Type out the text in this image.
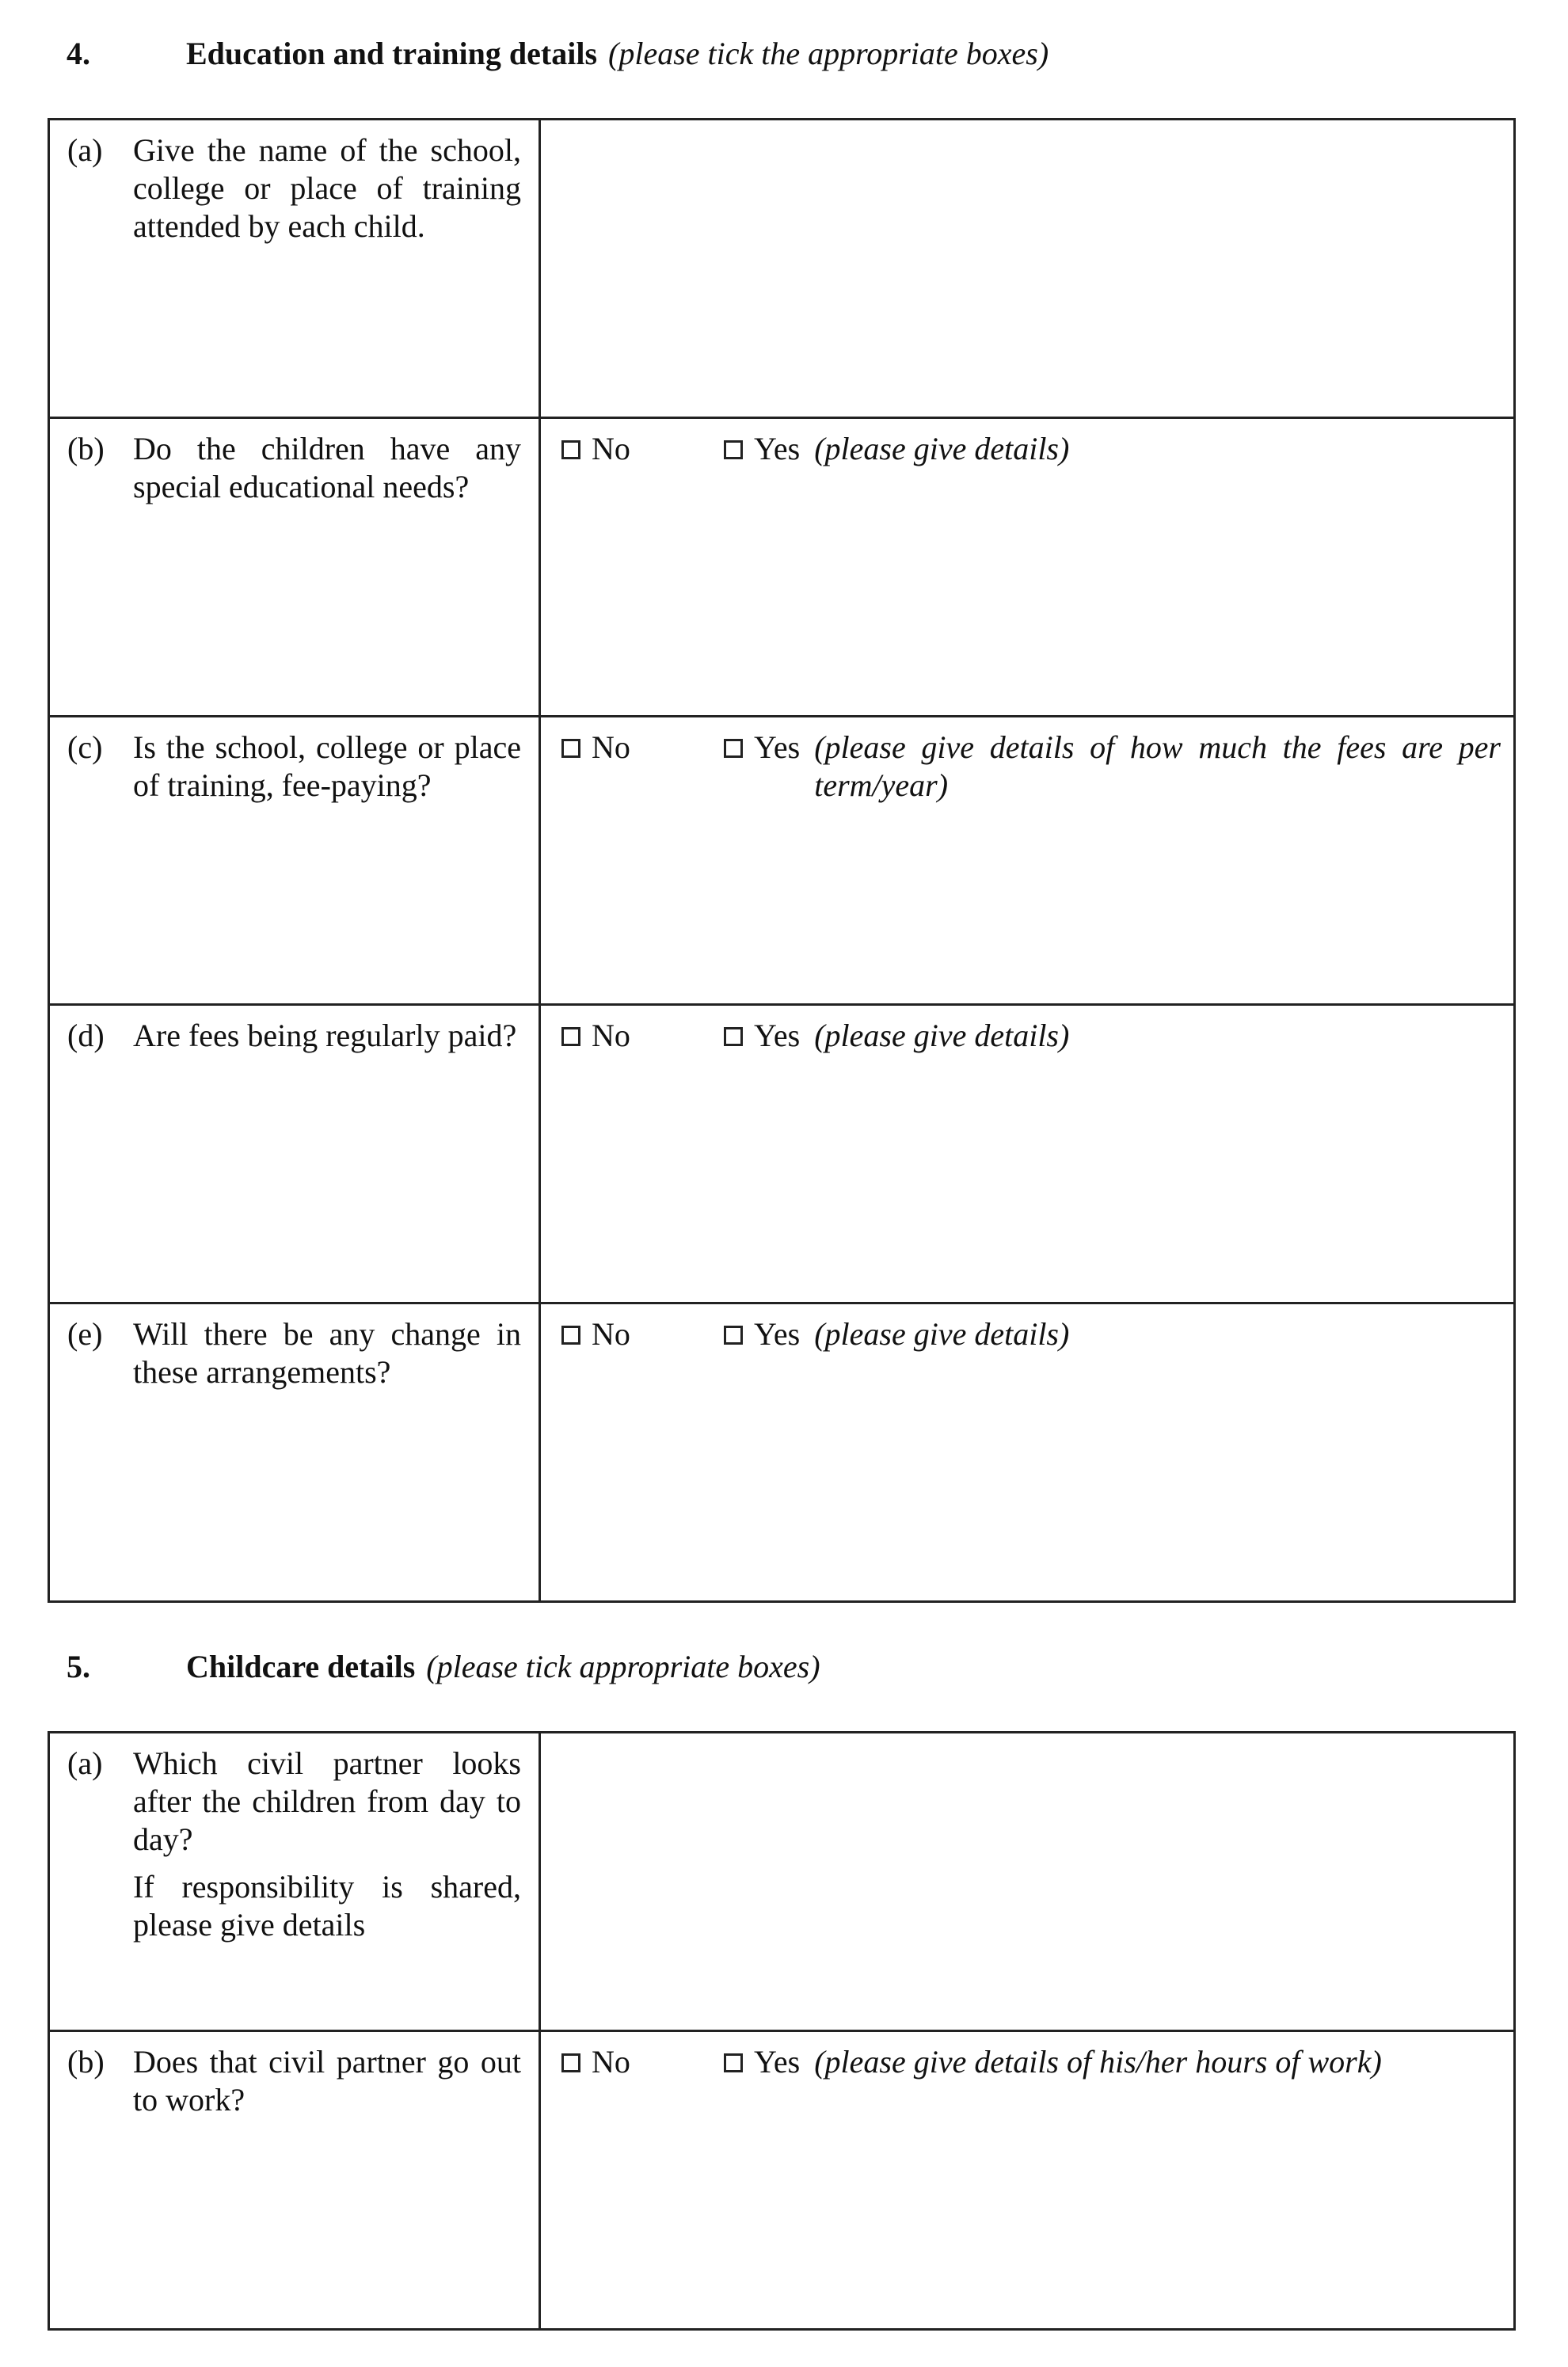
4.	Education and training details (please tick the appropriate boxes)
(a) Give the name of the school, college or place of training attended by each child.	

(b) Do the children have any special educational needs?	No Yes (please give details)

(c) Is the school, college or place of training, fee-paying?	No Yes (please give details of how much the fees are per term/year)

(d) Are fees being regularly paid?	No Yes (please give details)

(e) Will there be any change in these arrangements?	No Yes (please give details)
5.	Childcare details (please tick appropriate boxes)
(a) Which civil partner looks after the children from day to day?
If responsibility is shared, please give details	

(b) Does that civil partner go out to work?	No Yes (please give details of his/her hours of work)
